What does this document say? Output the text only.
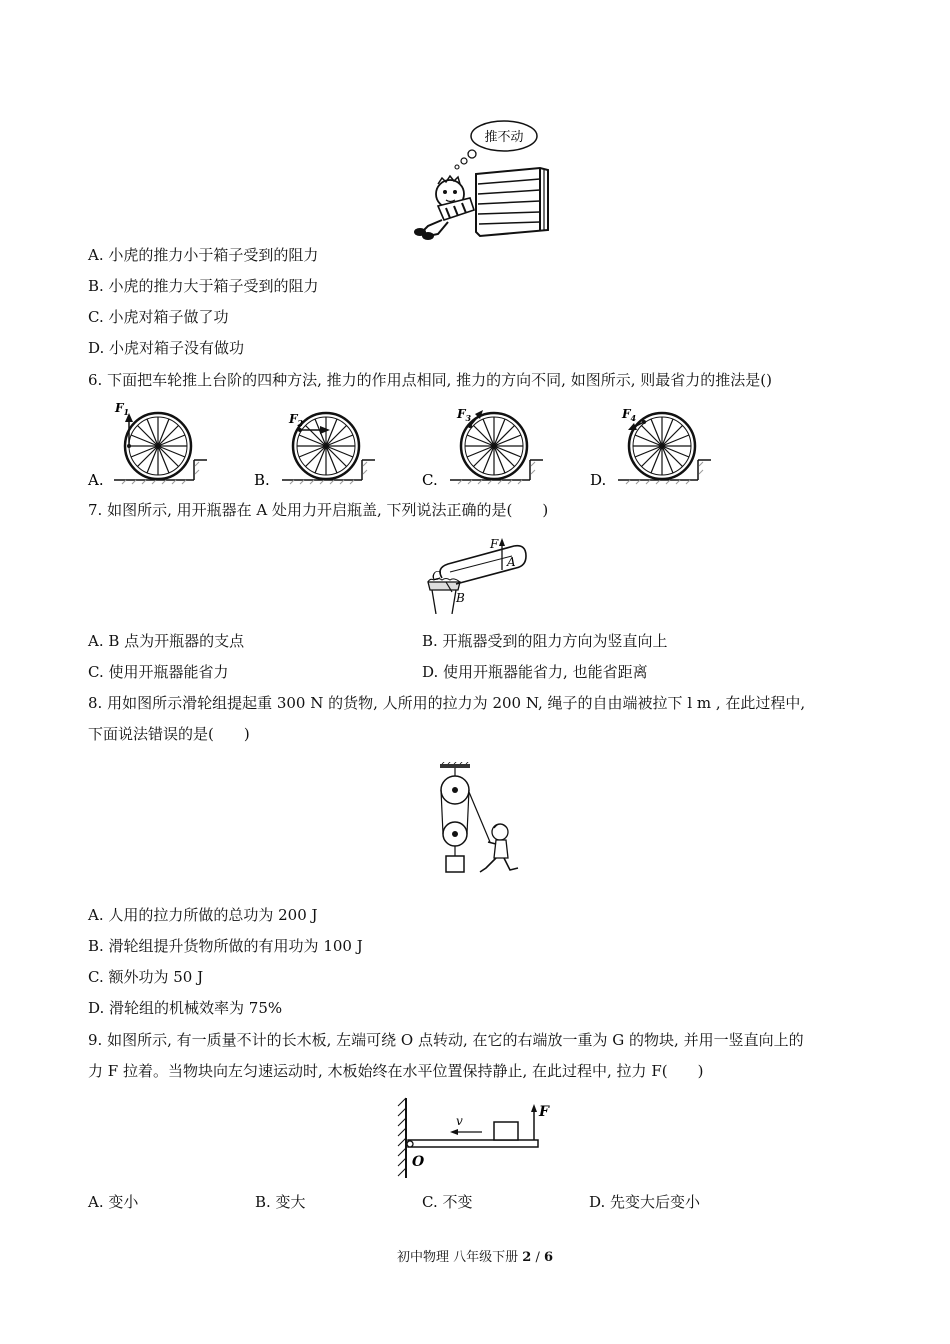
推不动
A. 小虎的推力小于箱子受到的阻力
B. 小虎的推力大于箱子受到的阻力
C. 小虎对箱子做了功
D. 小虎对箱子没有做功
6. 下面把车轮推上台阶的四种方法, 推力的作用点相同, 推力的方向不同, 如图所示, 则最省力的推法是()
A.
$F_1$
B.
$F_2$
C.
$F_3$
D.
$F_4$
7. 如图所示, 用开瓶器在 A 处用力开启瓶盖, 下列说法正确的是(　　)
F
A
C
B
A. B 点为开瓶器的支点	B. 开瓶器受到的阻力方向为竖直向上
C. 使用开瓶器能省力	D. 使用开瓶器能省力, 也能省距离
8. 用如图所示滑轮组提起重 300 N 的货物, 人所用的拉力为 200 N, 绳子的自由端被拉下 l m , 在此过程中,
下面说法错误的是(　　)
A. 人用的拉力所做的总功为 200 J
B. 滑轮组提升货物所做的有用功为 100 J
C. 额外功为 50 J
D. 滑轮组的机械效率为 75%
9. 如图所示, 有一质量不计的长木板, 左端可绕 O 点转动, 在它的右端放一重为 G 的物块, 并用一竖直向上的
力 F 拉着。当物块向左匀速运动时, 木板始终在水平位置保持静止, 在此过程中, 拉力 F(　　)
v
F
O
A. 变小	B. 变大	C. 不变	D. 先变大后变小
初中物理 八年级下册 2 / 6
